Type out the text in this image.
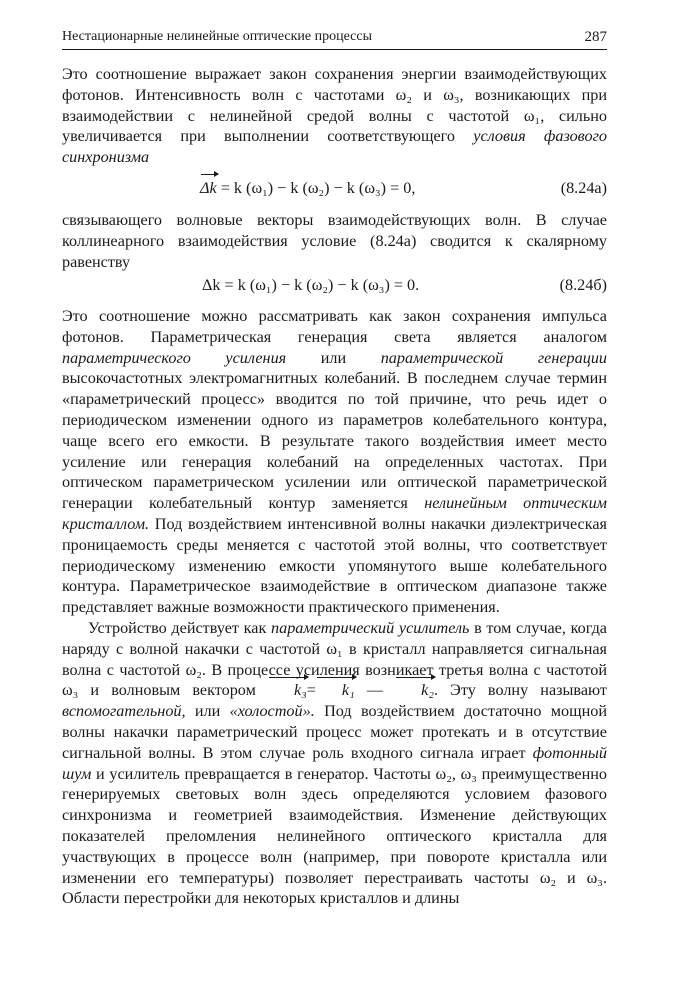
Нестационарные нелинейные оптические процессы	287
Это соотношение выражает закон сохранения энергии взаимодействующих фотонов. Интенсивность волн с частотами ω₂ и ω₃, возникающих при взаимодействии с нелинейной средой волны с частотой ω₁, сильно увеличивается при выполнении соответствующего условия фазового синхронизма
Δk = k (ω₁) − k (ω₂) − k (ω₃) = 0,	(8.24а)
связывающего волновые векторы взаимодействующих волн. В случае коллинеарного взаимодействия условие (8.24а) сводится к скалярному равенству
Δk = k (ω₁) − k (ω₂) − k (ω₃) = 0.	(8.24б)
Это соотношение можно рассматривать как закон сохранения импульса фотонов. Параметрическая генерация света является аналогом параметрического усиления или параметрической генерации высокочастотных электромагнитных колебаний. В последнем случае термин «параметрический процесс» вводится по той причине, что речь идет о периодическом изменении одного из параметров колебательного контура, чаще всего его емкости. В результате такого воздействия имеет место усиление или генерация колебаний на определенных частотах. При оптическом параметрическом усилении или оптической параметрической генерации колебательный контур заменяется нелинейным оптическим кристаллом. Под воздействием интенсивной волны накачки диэлектрическая проницаемость среды меняется с частотой этой волны, что соответствует периодическому изменению емкости упомянутого выше колебательного контура. Параметрическое взаимодействие в оптическом диапазоне также представляет важные возможности практического применения.
Устройство действует как параметрический усилитель в том случае, когда наряду с волной накачки с частотой ω₁ в кристалл направляется сигнальная волна с частотой ω₂. В процессе усиления возникает третья волна с частотой ω₃ и волновым вектором k₃= k₁ — k₂. Эту волну называют вспомогательной, или «холостой». Под воздействием достаточно мощной волны накачки параметрический процесс может протекать и в отсутствие сигнальной волны. В этом случае роль входного сигнала играет фотонный шум и усилитель превращается в генератор. Частоты ω₂, ω₃ преимущественно генерируемых световых волн здесь определяются условием фазового синхронизма и геометрией взаимодействия. Изменение действующих показателей преломления нелинейного оптического кристалла для участвующих в процессе волн (например, при повороте кристалла или изменении его температуры) позволяет перестраивать частоты ω₂ и ω₃. Области перестройки для некоторых кристаллов и длины
